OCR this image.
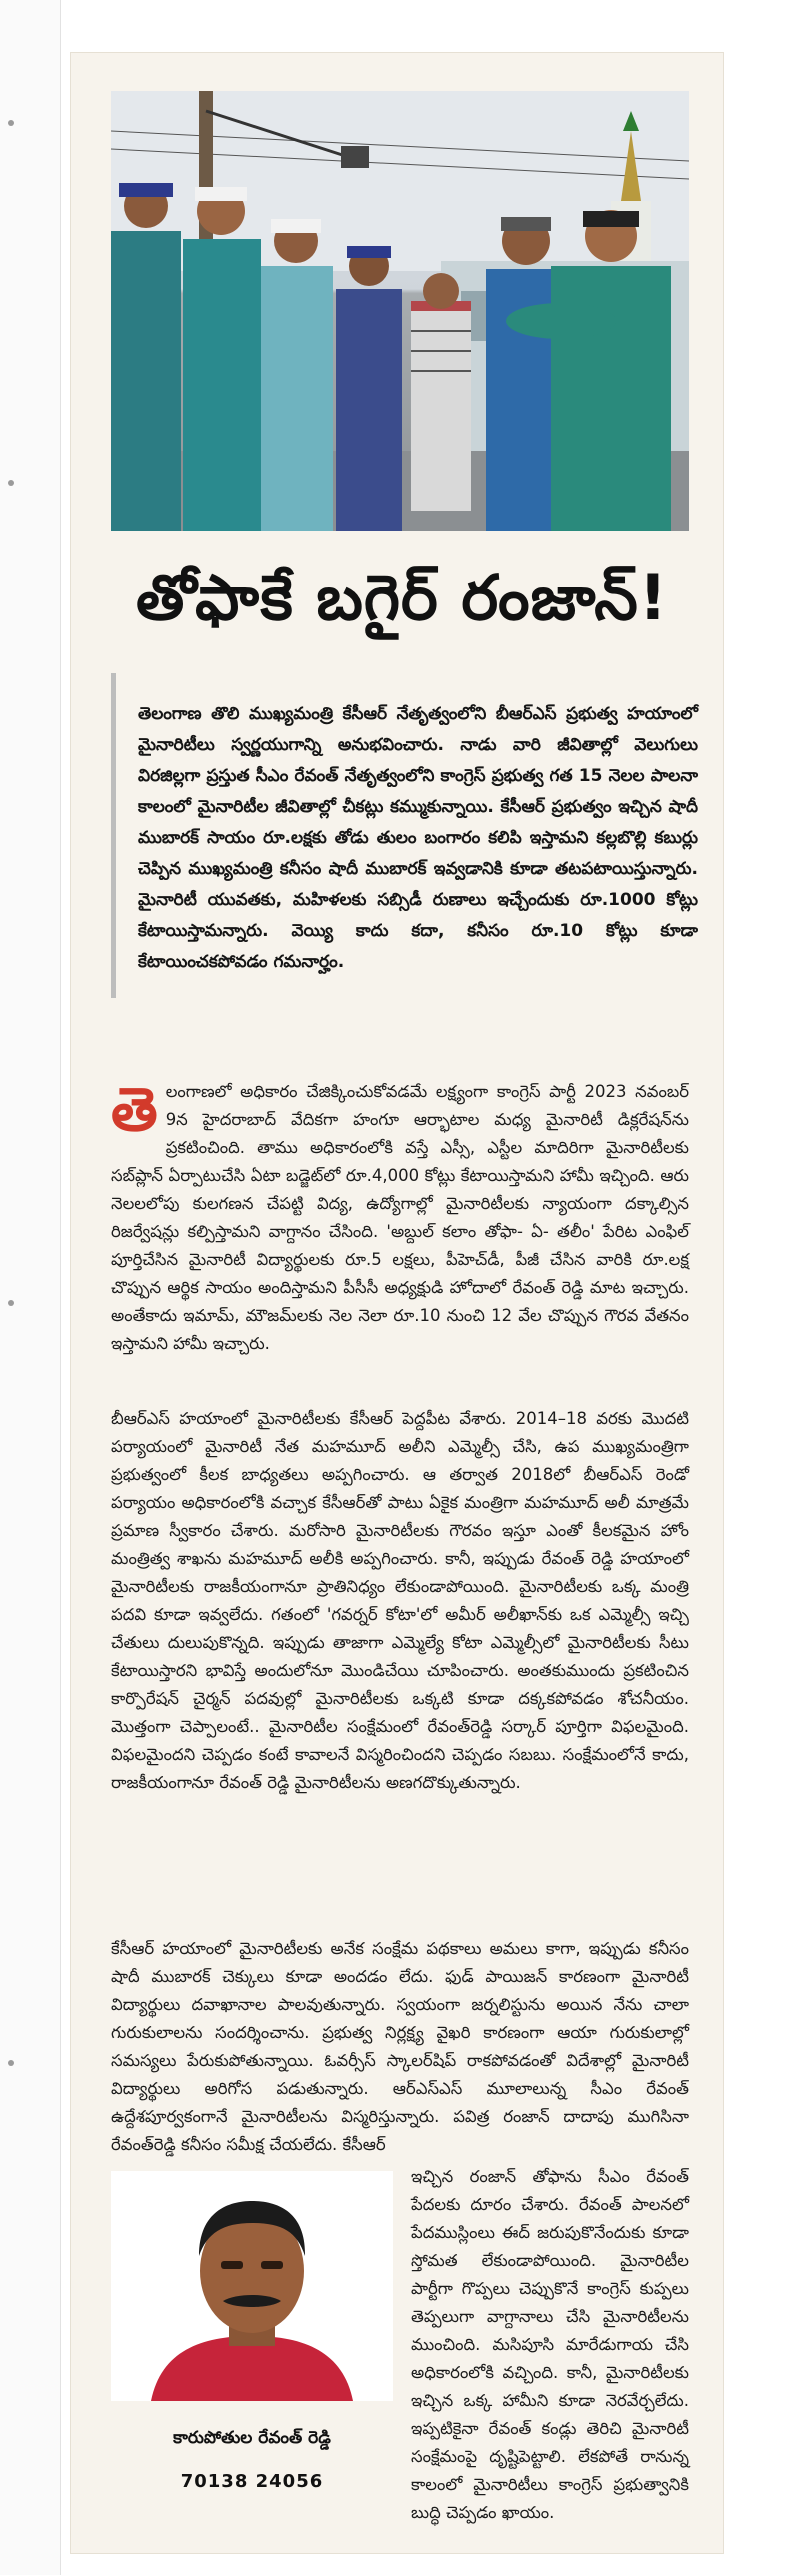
తోఫాకే బగైర్ రంజాన్!
తెలంగాణ తొలి ముఖ్యమంత్రి కేసీఆర్ నేతృత్వంలోని బీఆర్ఎస్ ప్రభుత్వ హయాంలో మైనారిటీలు స్వర్ణయుగాన్ని అనుభవించారు. నాడు వారి జీవితాల్లో వెలుగులు విరజిల్లగా ప్రస్తుత సీఎం రేవంత్ నేతృత్వంలోని కాంగ్రెస్ ప్రభుత్వ గత 15 నెలల పాలనా కాలంలో మైనారిటీల జీవితాల్లో చీకట్లు కమ్ముకున్నాయి. కేసీఆర్ ప్రభుత్వం ఇచ్చిన షాదీ ముబారక్ సాయం రూ.లక్షకు తోడు తులం బంగారం కలిపి ఇస్తామని కల్లబొల్లి కబుర్లు చెప్పిన ముఖ్యమంత్రి కనీసం షాదీ ముబారక్ ఇవ్వడానికి కూడా తటపటాయిస్తున్నారు. మైనారిటీ యువతకు, మహిళలకు సబ్సిడీ రుణాలు ఇచ్చేందుకు రూ.1000 కోట్లు కేటాయిస్తామన్నారు. వెయ్యి కాదు కదా, కనీసం రూ.10 కోట్లు కూడా కేటాయించకపోవడం గమనార్హం.
తెలంగాణలో అధికారం చేజిక్కించుకోవడమే లక్ష్యంగా కాంగ్రెస్ పార్టీ 2023 నవంబర్ 9న హైదరాబాద్ వేదికగా హంగూ ఆర్భాటాల మధ్య మైనారిటీ డిక్లరేషన్‌ను ప్రకటించింది. తాము అధికారంలోకి వస్తే ఎస్సీ, ఎస్టీల మాదిరిగా మైనారిటీలకు సబ్‌ప్లాన్ ఏర్పాటుచేసి ఏటా బడ్జెట్‌లో రూ.4,000 కోట్లు కేటాయిస్తామని హామీ ఇచ్చింది. ఆరు నెలలలోపు కులగణన చేపట్టి విద్య, ఉద్యోగాల్లో మైనారిటీలకు న్యాయంగా దక్కాల్సిన రిజర్వేషన్లు కల్పిస్తామని వాగ్దానం చేసింది. 'అబ్దుల్ కలాం తోఫా- ఏ- తలీం' పేరిట ఎంఫిల్ పూర్తిచేసిన మైనారిటీ విద్యార్థులకు రూ.5 లక్షలు, పీహెచ్‌డీ, పీజీ చేసిన వారికి రూ.లక్ష చొప్పున ఆర్థిక సాయం అందిస్తామని పీసీసీ అధ్యక్షుడి హోదాలో రేవంత్ రెడ్డి మాట ఇచ్చారు. అంతేకాదు ఇమామ్, మౌజమ్‌లకు నెల నెలా రూ.10 నుంచి 12 వేల చొప్పున గౌరవ వేతనం ఇస్తామని హామీ ఇచ్చారు.
బీఆర్ఎస్ హయాంలో మైనారిటీలకు కేసీఆర్ పెద్దపీట వేశారు. 2014–18 వరకు మొదటి పర్యాయంలో మైనారిటీ నేత మహమూద్ అలీని ఎమ్మెల్సీ చేసి, ఉప ముఖ్యమంత్రిగా ప్రభుత్వంలో కీలక బాధ్యతలు అప్పగించారు. ఆ తర్వాత 2018లో బీఆర్ఎస్ రెండో పర్యాయం అధికారంలోకి వచ్చాక కేసీఆర్‌తో పాటు ఏకైక మంత్రిగా మహమూద్ అలీ మాత్రమే ప్రమాణ స్వీకారం చేశారు. మరోసారి మైనారిటీలకు గౌరవం ఇస్తూ ఎంతో కీలకమైన హోం మంత్రిత్వ శాఖను మహమూద్ అలీకి అప్పగించారు. కానీ, ఇప్పుడు రేవంత్ రెడ్డి హయాంలో మైనారిటీలకు రాజకీయంగానూ ప్రాతినిధ్యం లేకుండాపోయింది. మైనారిటీలకు ఒక్క మంత్రి పదవి కూడా ఇవ్వలేదు. గతంలో 'గవర్నర్ కోటా'లో అమీర్ అలీఖాన్‌కు ఒక ఎమ్మెల్సీ ఇచ్చి చేతులు దులుపుకొన్నది. ఇప్పుడు తాజాగా ఎమ్మెల్యే కోటా ఎమ్మెల్సీలో మైనారిటీలకు సీటు కేటాయిస్తారని భావిస్తే అందులోనూ మొండిచేయి చూపించారు. అంతకుముందు ప్రకటించిన కార్పొరేషన్ చైర్మన్ పదవుల్లో మైనారిటీలకు ఒక్కటి కూడా దక్కకపోవడం శోచనీయం. మొత్తంగా చెప్పాలంటే.. మైనారిటీల సంక్షేమంలో రేవంత్‌రెడ్డి సర్కార్ పూర్తిగా విఫలమైంది. విఫలమైందని చెప్పడం కంటే కావాలనే విస్మరించిందని చెప్పడం సబబు. సంక్షేమంలోనే కాదు, రాజకీయంగానూ రేవంత్ రెడ్డి మైనారిటీలను అణగదొక్కుతున్నారు.
కేసీఆర్ హయాంలో మైనారిటీలకు అనేక సంక్షేమ పథకాలు అమలు కాగా, ఇప్పుడు కనీసం షాదీ ముబారక్ చెక్కులు కూడా అందడం లేదు. ఫుడ్ పాయిజన్ కారణంగా మైనారిటీ విద్యార్థులు దవాఖానాల పాలవుతున్నారు. స్వయంగా జర్నలిస్టును అయిన నేను చాలా గురుకులాలను సందర్శించాను. ప్రభుత్వ నిర్లక్ష్య వైఖరి కారణంగా ఆయా గురుకులాల్లో సమస్యలు పేరుకుపోతున్నాయి. ఓవర్సీస్ స్కాలర్‌షిప్ రాకపోవడంతో విదేశాల్లో మైనారిటీ విద్యార్థులు అరిగోస పడుతున్నారు. ఆర్ఎస్ఎస్ మూలాలున్న సీఎం రేవంత్ ఉద్దేశపూర్వకంగానే మైనారిటీలను విస్మరిస్తున్నారు. పవిత్ర రంజాన్ దాదాపు ముగిసినా రేవంత్‌రెడ్డి కనీసం సమీక్ష చేయలేదు. కేసీఆర్
ఇచ్చిన రంజాన్ తోఫాను సీఎం రేవంత్ పేదలకు దూరం చేశారు. రేవంత్ పాలనలో పేదముస్లింలు ఈద్ జరుపుకొనేందుకు కూడా స్తోమత లేకుండాపోయింది. మైనారిటీల పార్టీగా గొప్పలు చెప్పుకొనే కాంగ్రెస్ కుప్పలు తెప్పలుగా వాగ్దానాలు చేసి మైనారిటీలను ముంచింది. మసిపూసి మారేడుగాయ చేసి అధికారంలోకి వచ్చింది. కానీ, మైనారిటీలకు ఇచ్చిన ఒక్క హామీని కూడా నెరవేర్చలేదు. ఇప్పటికైనా రేవంత్ కండ్లు తెరిచి మైనారిటీ సంక్షేమంపై దృష్టిపెట్టాలి. లేకపోతే రానున్న కాలంలో మైనారిటీలు కాంగ్రెస్ ప్రభుత్వానికి బుద్ధి చెప్పడం ఖాయం.
కారుపోతుల రేవంత్ రెడ్డి
70138 24056
